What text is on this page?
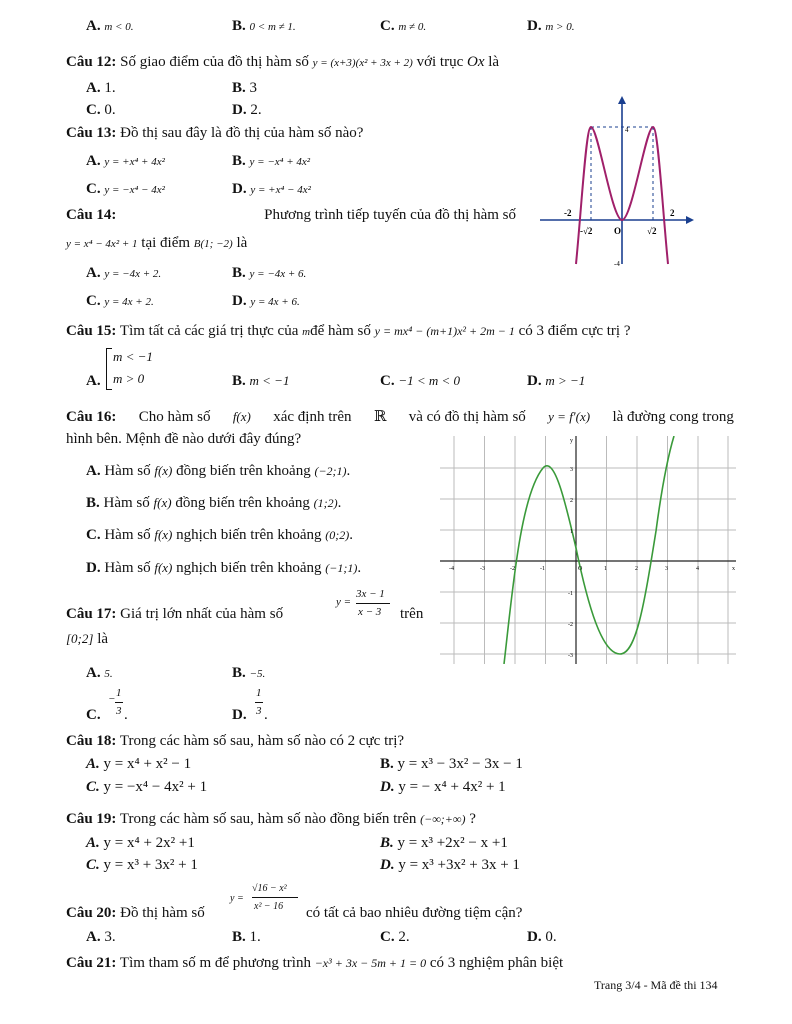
A. m < 0.	B. 0 < m ≠ 1.	C. m ≠ 0.	D. m > 0.
Câu 12: Số giao điểm của đồ thị hàm số y = (x+3)(x² + 3x + 2) với trục Ox là
A. 1.	B. 3
C. 0.	D. 2.
Câu 13: Đồ thị sau đây là đồ thị của hàm số nào?
A. y = +x⁴ + 4x²	B. y = −x⁴ + 4x²
C. y = −x⁴ − 4x²	D. y = +x⁴ − 4x²
-2	2
-√2 O	√2
4
-4
Câu 14:	Phương trình tiếp tuyến của đồ thị hàm số
y = x⁴ − 4x² + 1 tại điểm B(1; −2) là
A. y = −4x + 2.	B. y = −4x + 6.
C. y = 4x + 2.	D. y = 4x + 6.
Câu 15: Tìm tất cả các giá trị thực của mđể hàm số y = mx⁴ − (m+1)x² + 2m − 1 có 3 điểm cực trị ?
A.
m < −1
m > 0	B. m < −1	C. −1 < m < 0	D. m > −1
Câu 16: Cho hàm số f(x) xác định trên ℝ và có đồ thị hàm số y = f′(x) là đường cong trong
hình bên. Mệnh đề nào dưới đây đúng?
A. Hàm số f(x) đồng biến trên khoảng (−2;1).
B. Hàm số f(x) đồng biến trên khoảng (1;2).
C. Hàm số f(x) nghịch biến trên khoảng (0;2).
D. Hàm số f(x) nghịch biến trên khoảng (−1;1).	-4	-3	-2	-1	1	2	3	4	x
O
y
3
2
1
-1
-2
-3
Câu 17: Giá trị lớn nhất của hàm số
y =
3x − 1
x − 3 trên
[0;2] là
A. 5.	B. −5.
C.
− 1
3 .	D.
1
3 .
Câu 18: Trong các hàm số sau, hàm số nào có 2 cực trị?
A. y = x⁴ + x² − 1	B. y = x³ − 3x² − 3x − 1
C. y = −x⁴ − 4x² + 1	D. y = − x⁴ + 4x² + 1
Câu 19: Trong các hàm số sau, hàm số nào đồng biến trên (−∞;+∞) ?
A. y = x⁴ + 2x² +1	B. y = x³ +2x² − x +1
C. y = x³ + 3x² + 1	D. y = x³ +3x² + 3x + 1
Câu 20: Đồ thị hàm số
y =
√16 − x²
x² − 16 có tất cả bao nhiêu đường tiệm cận?
A. 3.	B. 1.	C. 2.	D. 0.
Câu 21: Tìm tham số m để phương trình −x³ + 3x − 5m + 1 = 0 có 3 nghiệm phân biệt
Trang 3/4 - Mã đề thi 134
